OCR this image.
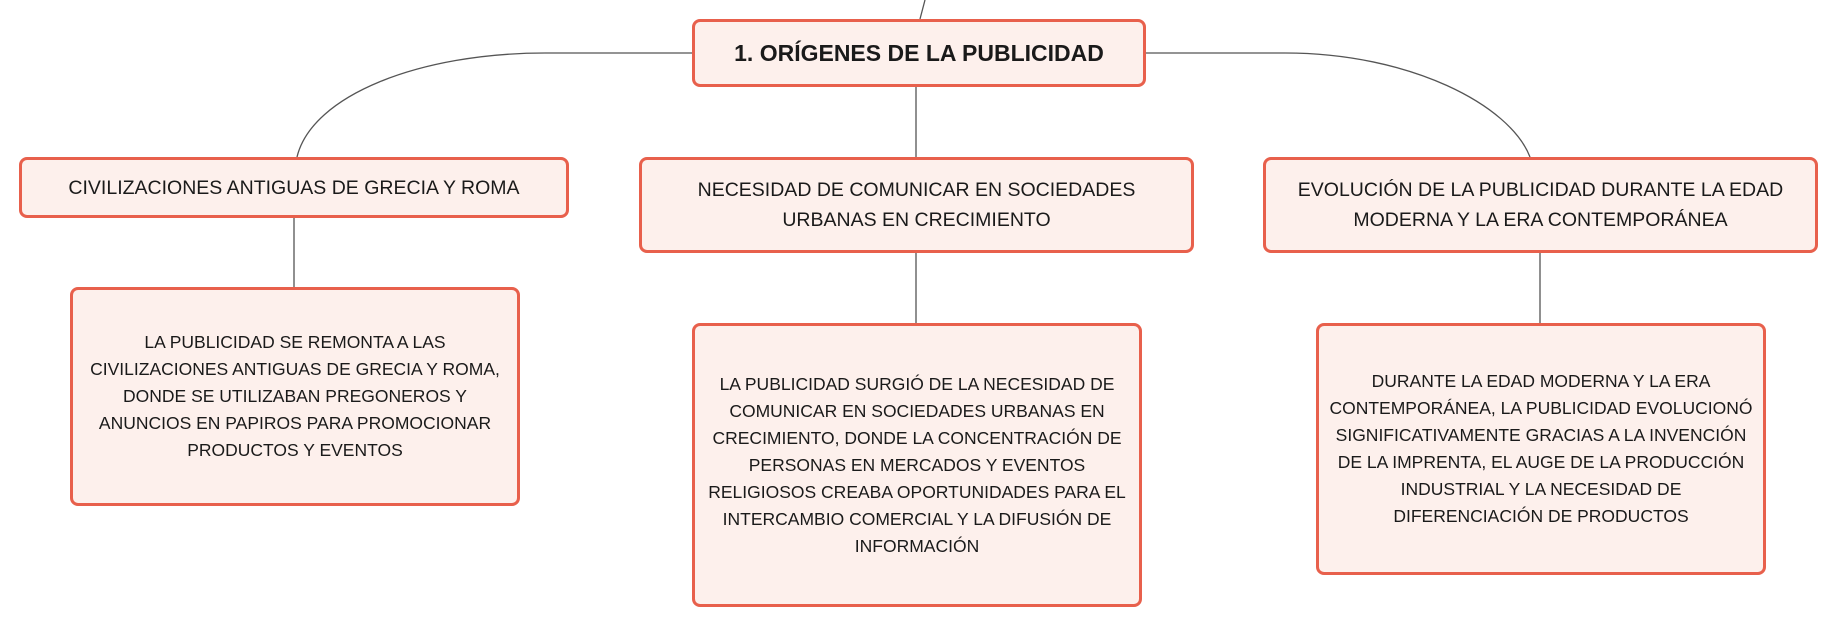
1. ORÍGENES DE LA PUBLICIDAD
CIVILIZACIONES ANTIGUAS DE GRECIA Y ROMA	NECESIDAD DE COMUNICAR EN SOCIEDADES URBANAS EN CRECIMIENTO
EVOLUCIÓN DE LA PUBLICIDAD DURANTE LA EDAD MODERNA Y LA ERA CONTEMPORÁNEA
LA PUBLICIDAD SE REMONTA A LAS CIVILIZACIONES ANTIGUAS DE GRECIA Y ROMA, DONDE SE UTILIZABAN PREGONEROS Y ANUNCIOS EN PAPIROS PARA PROMOCIONAR PRODUCTOS Y EVENTOS
LA PUBLICIDAD SURGIÓ DE LA NECESIDAD DE COMUNICAR EN SOCIEDADES URBANAS EN CRECIMIENTO, DONDE LA CONCENTRACIÓN DE PERSONAS EN MERCADOS Y EVENTOS RELIGIOSOS CREABA OPORTUNIDADES PARA EL INTERCAMBIO COMERCIAL Y LA DIFUSIÓN DE INFORMACIÓN
DURANTE LA EDAD MODERNA Y LA ERA CONTEMPORÁNEA, LA PUBLICIDAD EVOLUCIONÓ SIGNIFICATIVAMENTE GRACIAS A LA INVENCIÓN DE LA IMPRENTA, EL AUGE DE LA PRODUCCIÓN INDUSTRIAL Y LA NECESIDAD DE DIFERENCIACIÓN DE PRODUCTOS
